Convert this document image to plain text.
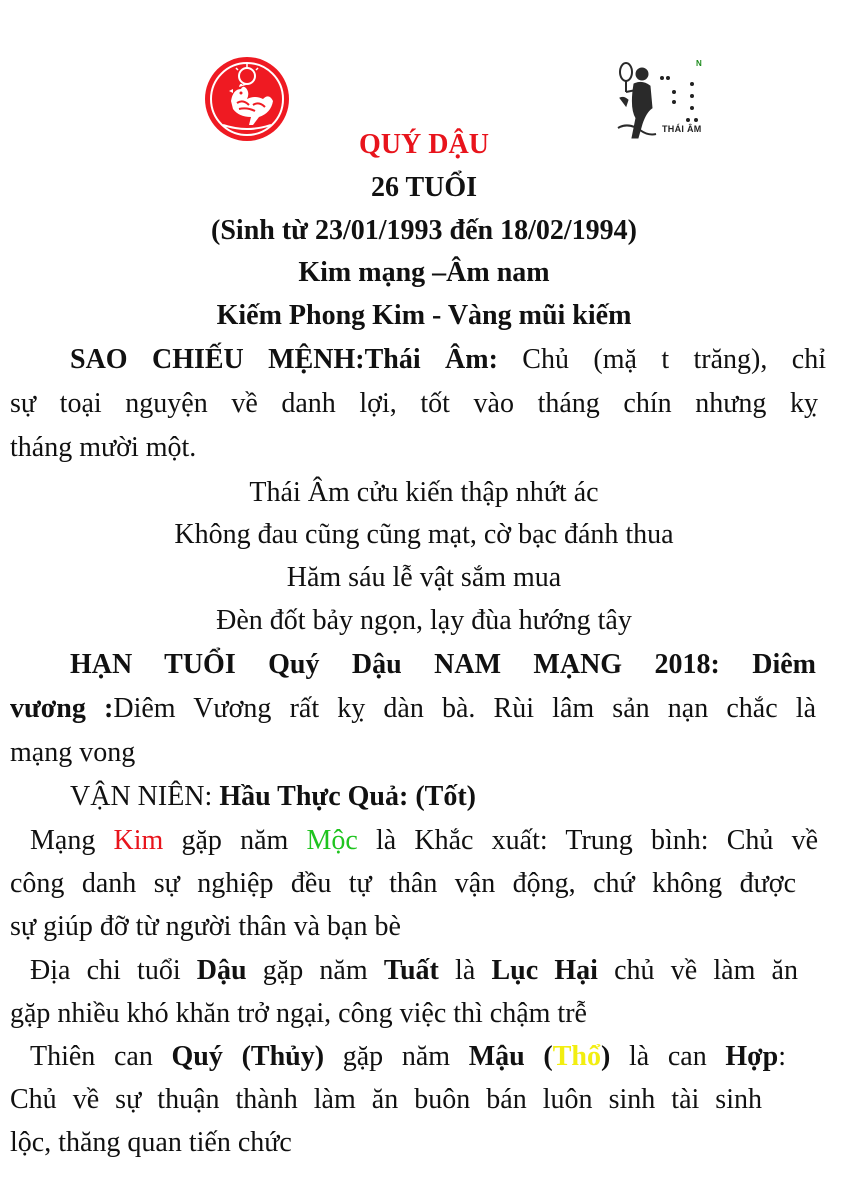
N
THÁI ÂM
QUÝ DẬU
26 TUỔI
(Sinh từ 23/01/1993 đến 18/02/1994)
Kim mạng –Âm nam
Kiếm Phong Kim - Vàng mũi kiếm
SAO CHIẾU MỆNH:Thái Âm: Chủ (mặ t trăng), chỉ
sự toại nguyện về danh lợi, tốt vào tháng chín nhưng kỵ
tháng mười một.
Thái Âm cửu kiến thập nhứt ác
Không đau cũng cũng mạt, cờ bạc đánh thua
Hăm sáu lễ vật sắm mua
Đèn đốt bảy ngọn, lạy đùa hướng tây
HẠN TUỔI Quý Dậu NAM MẠNG 2018: Diêm
vương :Diêm Vương rất kỵ dàn bà. Rùi lâm sản nạn chắc là
mạng vong
VẬN NIÊN: Hầu Thực Quả: (Tốt)
Mạng Kim gặp năm Mộc là Khắc xuất: Trung bình: Chủ về
công danh sự nghiệp đều tự thân vận động, chứ không được
sự giúp đỡ từ người thân và bạn bè
Địa chi tuổi Dậu gặp năm Tuất là Lục Hại chủ về làm ăn
gặp nhiều khó khăn trở ngại, công việc thì chậm trễ
Thiên can Quý (Thủy) gặp năm Mậu (Thổ) là can Hợp:
Chủ về sự thuận thành làm ăn buôn bán luôn sinh tài sinh
lộc, thăng quan tiến chức
